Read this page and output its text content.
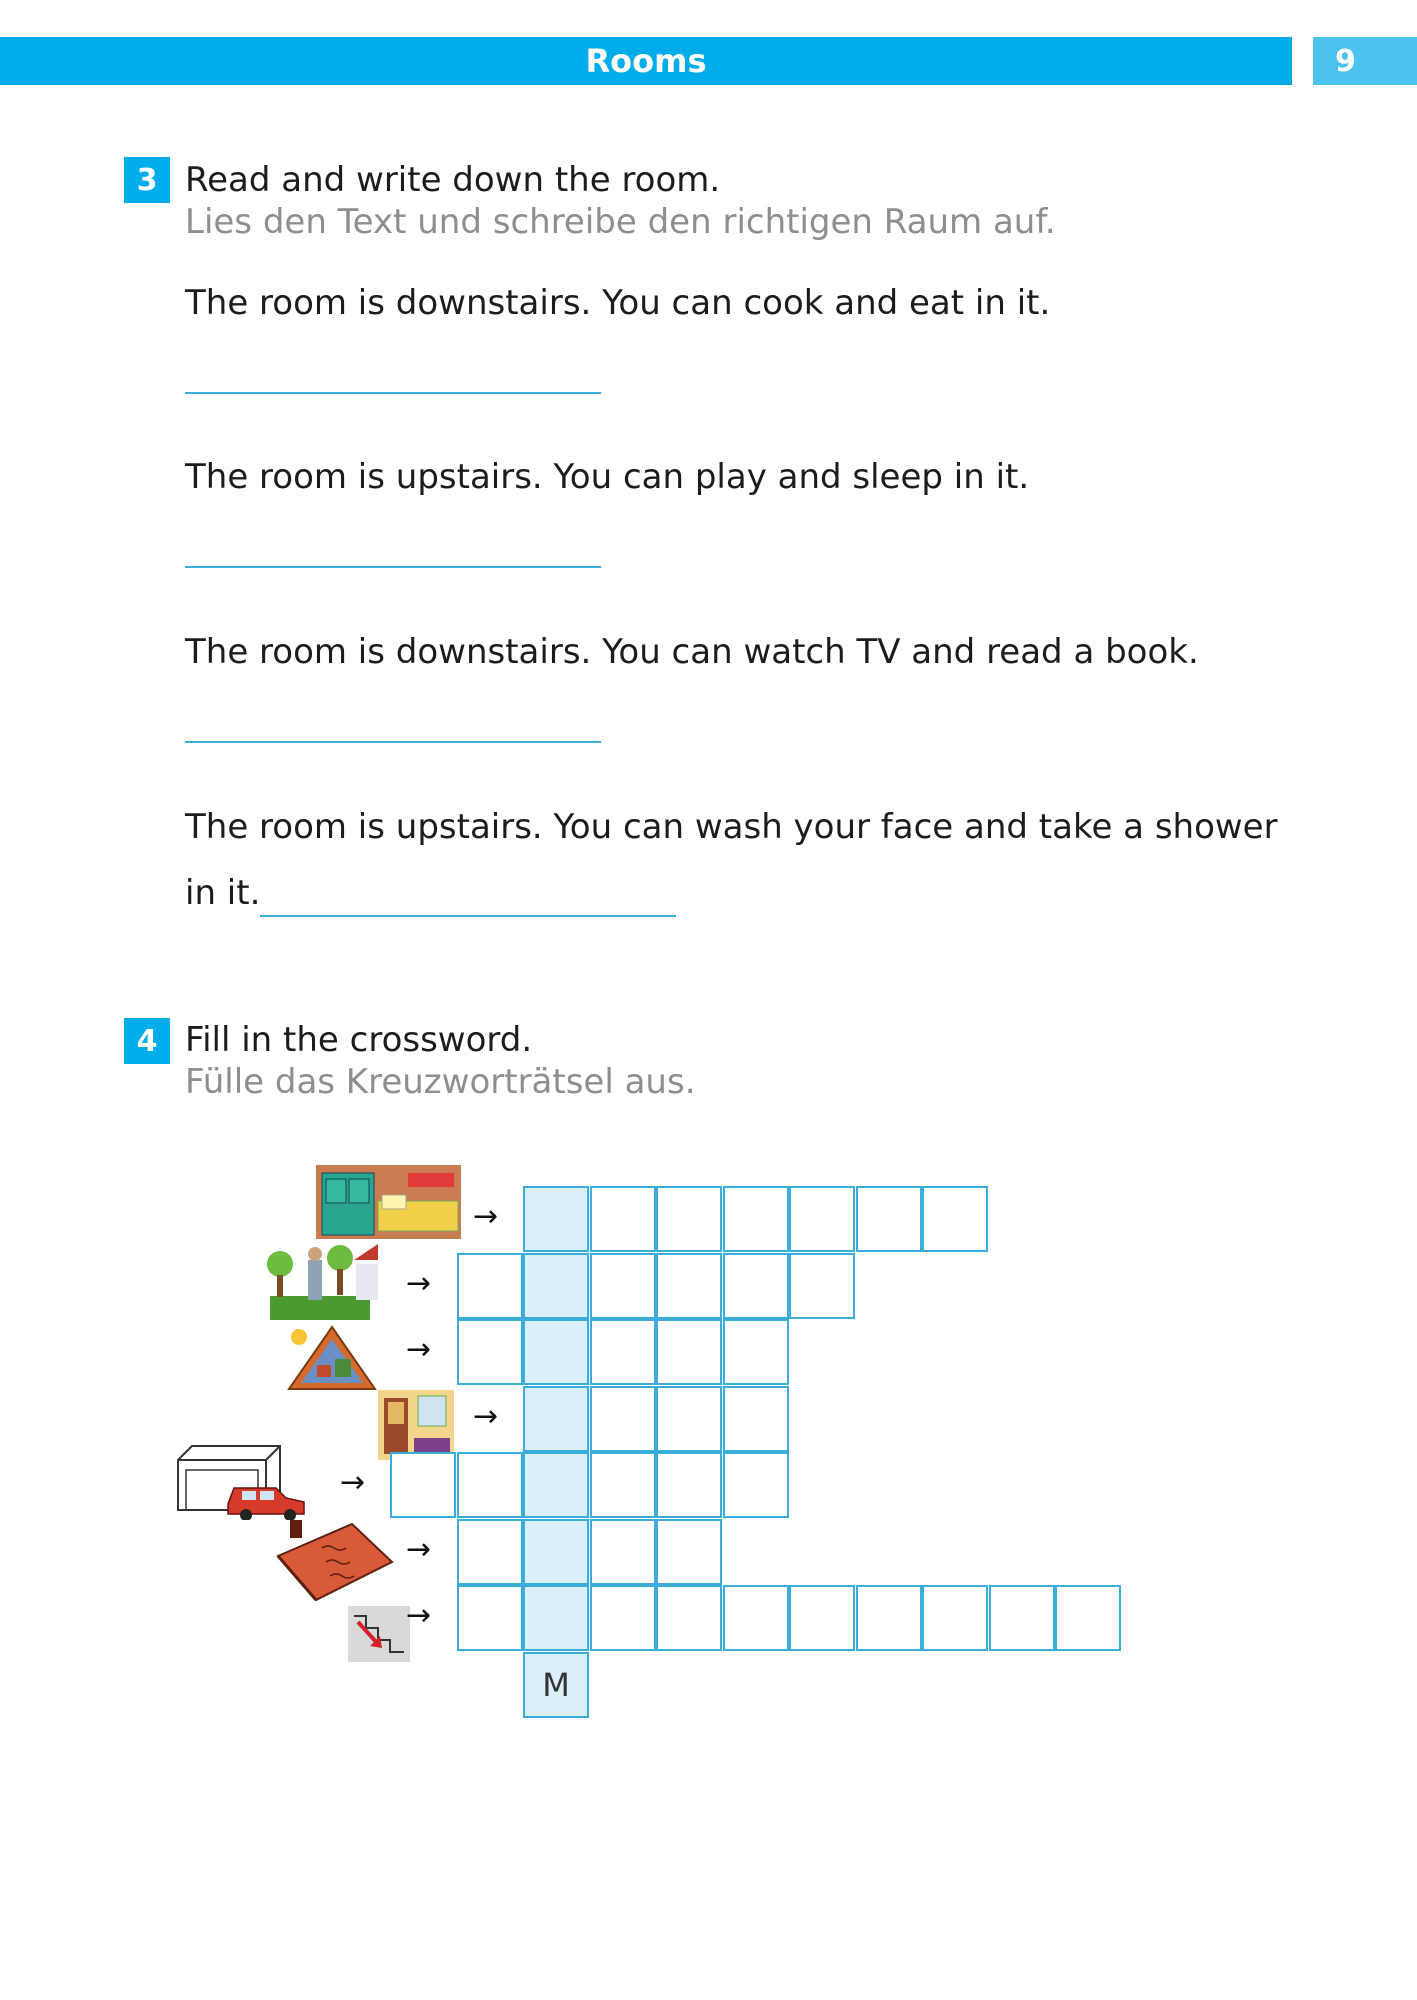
Rooms	9
3 Read and write down the room.
Lies den Text und schreibe den richtigen Raum auf.
The room is downstairs. You can cook and eat in it.
The room is upstairs. You can play and sleep in it.
The room is downstairs. You can watch TV and read a book.
The room is upstairs. You can wash your face and take a shower
in it.
4 Fill in the crossword.
Fülle das Kreuzworträtsel aus.
→
→
→
→
→
→
→
M
